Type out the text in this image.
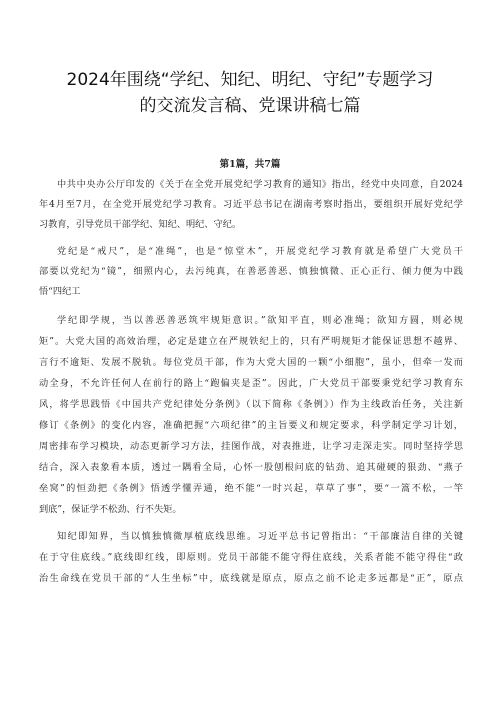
2024年围绕“学纪、知纪、明纪、守纪”专题学习
的交流发言稿、党课讲稿七篇
第1篇，共7篇
中共中央办公厅印发的《关于在全党开展党纪学习教育的通知》指出，经党中央同意，自2024
年4月至7月，在全党开展党纪学习教育。习近平总书记在湖南考察时指出，要组织开展好党纪学
习教育，引导党员干部学纪、知纪、明纪、守纪。
党纪是“戒尺”，是“准绳”，也是“惊堂木”，开展党纪学习教育就是希望广大党员干
部要以党纪为“镜”，细照内心，去污纯真，在善恶善恶、慎独慎微、正心正行、倾力便为中践
悟“四纪工
学纪即学规，当以善恶善恶筑牢规矩意识。”欲知平直，则必准绳；欲知方圆，则必规
矩”。大党大国的高效治理，必定是建立在严规铁纪上的，只有严明规矩才能保证思想不越界、
言行不逾矩、发展不脱轨。每位党员干部，作为大党大国的一颗“小细胞”，虽小，但牵一发而
动全身，不允许任何人在前行的路上“跑偏夹是歪”。因此，广大党员干部要秉党纪学习教育东
风，将学思践悟《中国共产党纪律处分条例》（以下简称《条例》）作为主线政治任务，关注新
修订《条例》的变化内容，准确把握“六项纪律”的主旨要义和规定要求，科学制定学习计划，
周密排布学习模块，动态更新学习方法，挂图作战，对表推进，让学习走深走实。同时坚持学思
结合，深入表象看本质，透过一隅看全局，心怀一股刨根问底的钻劲、追其碰硬的狠劲、“燕子
垒窝”的恒劲把《条例》悟透学懂弄通，绝不能“一时兴起，草草了事”，要“一篙不松，一竿
到底”，保证学不松劲、行不失矩。
知纪即知界，当以慎独慎微厚植底线思维。习近平总书记曾指出：“干部廉洁自律的关键
在于守住底线。”底线即红线，即原则。党员干部能不能守得住底线，关系者能不能守得住“政
治生命线在党员干部的“人生坐标”中，底线就是原点，原点之前不论走多远都是“正”，原点
